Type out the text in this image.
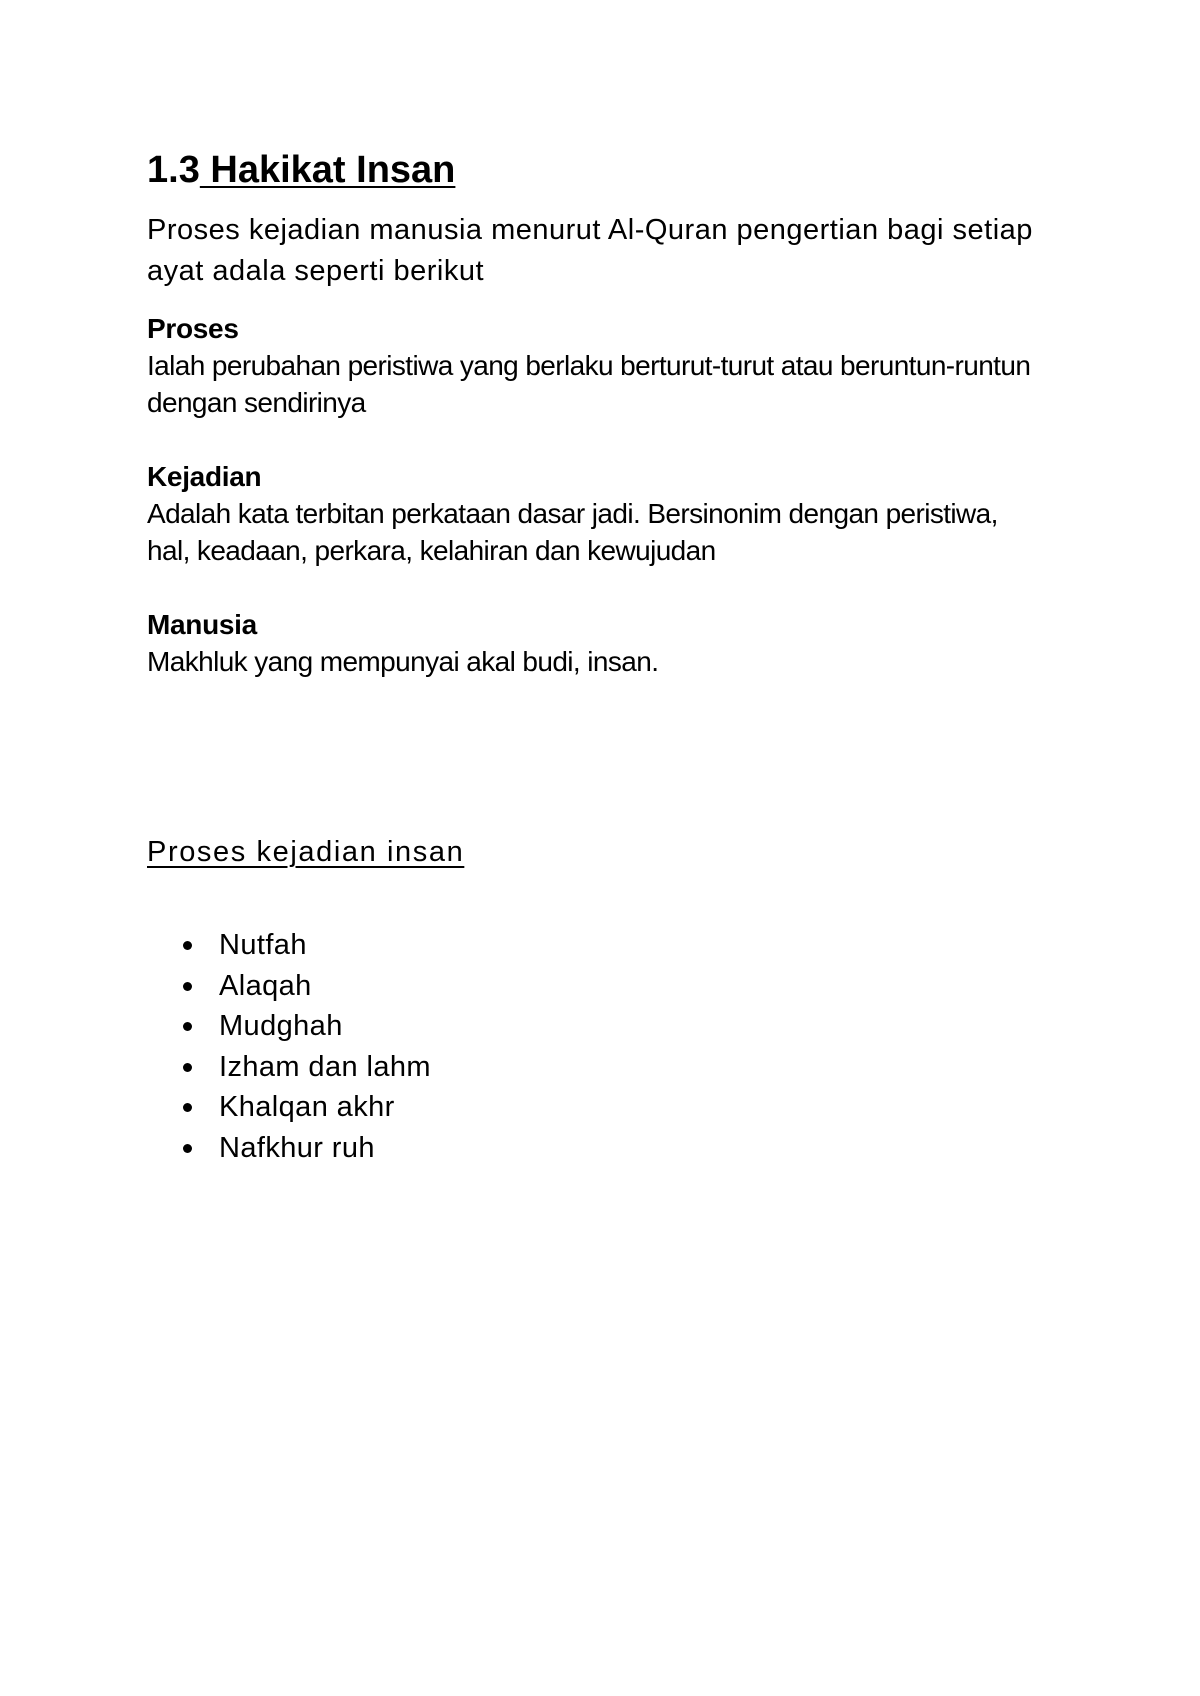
1.3 Hakikat Insan

Proses kejadian manusia menurut Al-Quran pengertian bagi setiap ayat adala seperti berikut

Proses
Ialah perubahan peristiwa yang berlaku berturut-turut atau beruntun-runtun dengan sendirinya
Kejadian
Adalah kata terbitan perkataan dasar jadi. Bersinonim dengan peristiwa, hal, keadaan, perkara, kelahiran dan kewujudan
Manusia
Makhluk yang mempunyai akal budi, insan.
Proses kejadian insan
Nutfah
Alaqah
Mudghah
Izham dan lahm
Khalqan akhr
Nafkhur ruh
